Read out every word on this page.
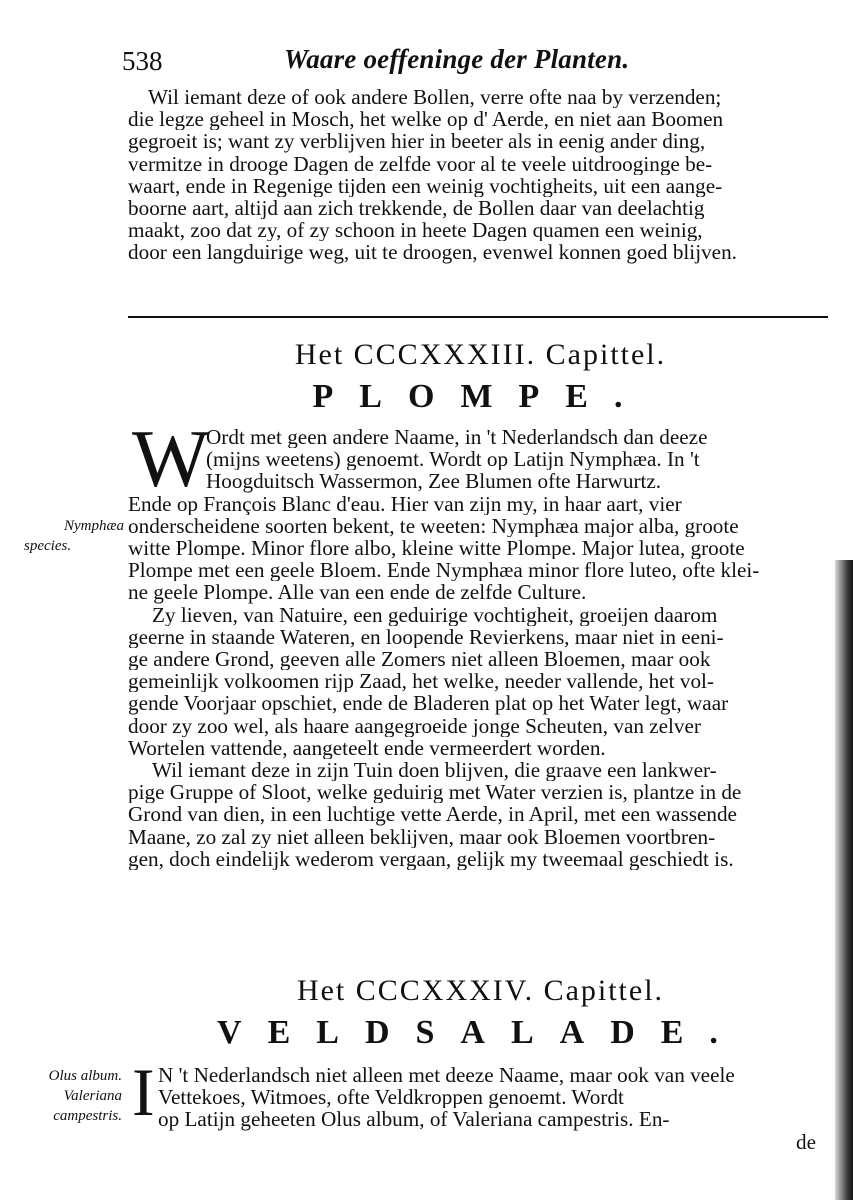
538	Waare oeffeninge der Planten.
Wil iemant deze of ook andere Bollen, verre ofte naa by verzenden;
die legze geheel in Mosch, het welke op d' Aerde, en niet aan Boomen
gegroeit is; want zy verblijven hier in beeter als in eenig ander ding,
vermitze in drooge Dagen de zelfde voor al te veele uitdrooginge be-
waart, ende in Regenige tijden een weinig vochtigheits, uit een aange-
boorne aart, altijd aan zich trekkende, de Bollen daar van deelachtig
maakt, zoo dat zy, of zy schoon in heete Dagen quamen een weinig,
door een langduirige weg, uit te droogen, evenwel konnen goed blijven.
Het CCCXXXIII. Capittel.
PLOMPE.
W
Nymphæa
species.
Ordt met geen andere Naame, in 't Nederlandsch dan deeze
(mijns weetens) genoemt. Wordt op Latijn Nymphæa. In 't
Hoogduitsch Wassermon, Zee Blumen ofte Harwurtz.
Ende op François Blanc d'eau. Hier van zijn my, in haar aart, vier
onderscheidene soorten bekent, te weeten: Nymphæa major alba, groote
witte Plompe. Minor flore albo, kleine witte Plompe. Major lutea, groote
Plompe met een geele Bloem. Ende Nymphæa minor flore luteo, ofte klei-
ne geele Plompe. Alle van een ende de zelfde Culture.
Zy lieven, van Natuire, een geduirige vochtigheit, groeijen daarom
geerne in staande Wateren, en loopende Revierkens, maar niet in eeni-
ge andere Grond, geeven alle Zomers niet alleen Bloemen, maar ook
gemeinlijk volkoomen rijp Zaad, het welke, needer vallende, het vol-
gende Voorjaar opschiet, ende de Bladeren plat op het Water legt, waar
door zy zoo wel, als haare aangegroeide jonge Scheuten, van zelver
Wortelen vattende, aangeteelt ende vermeerdert worden.
Wil iemant deze in zijn Tuin doen blijven, die graave een lankwer-
pige Gruppe of Sloot, welke geduirig met Water verzien is, plantze in de
Grond van dien, in een luchtige vette Aerde, in April, met een wassende
Maane, zo zal zy niet alleen beklijven, maar ook Bloemen voortbren-
gen, doch eindelijk wederom vergaan, gelijk my tweemaal geschiedt is.
Het CCCXXXIV. Capittel.
VELDSALADE.
I
Olus album.
Valeriana
campestris.
N 't Nederlandsch niet alleen met deeze Naame, maar ook van veele
Vettekoes, Witmoes, ofte Veldkroppen genoemt. Wordt
op Latijn geheeten Olus album, of Valeriana campestris. En-
de
